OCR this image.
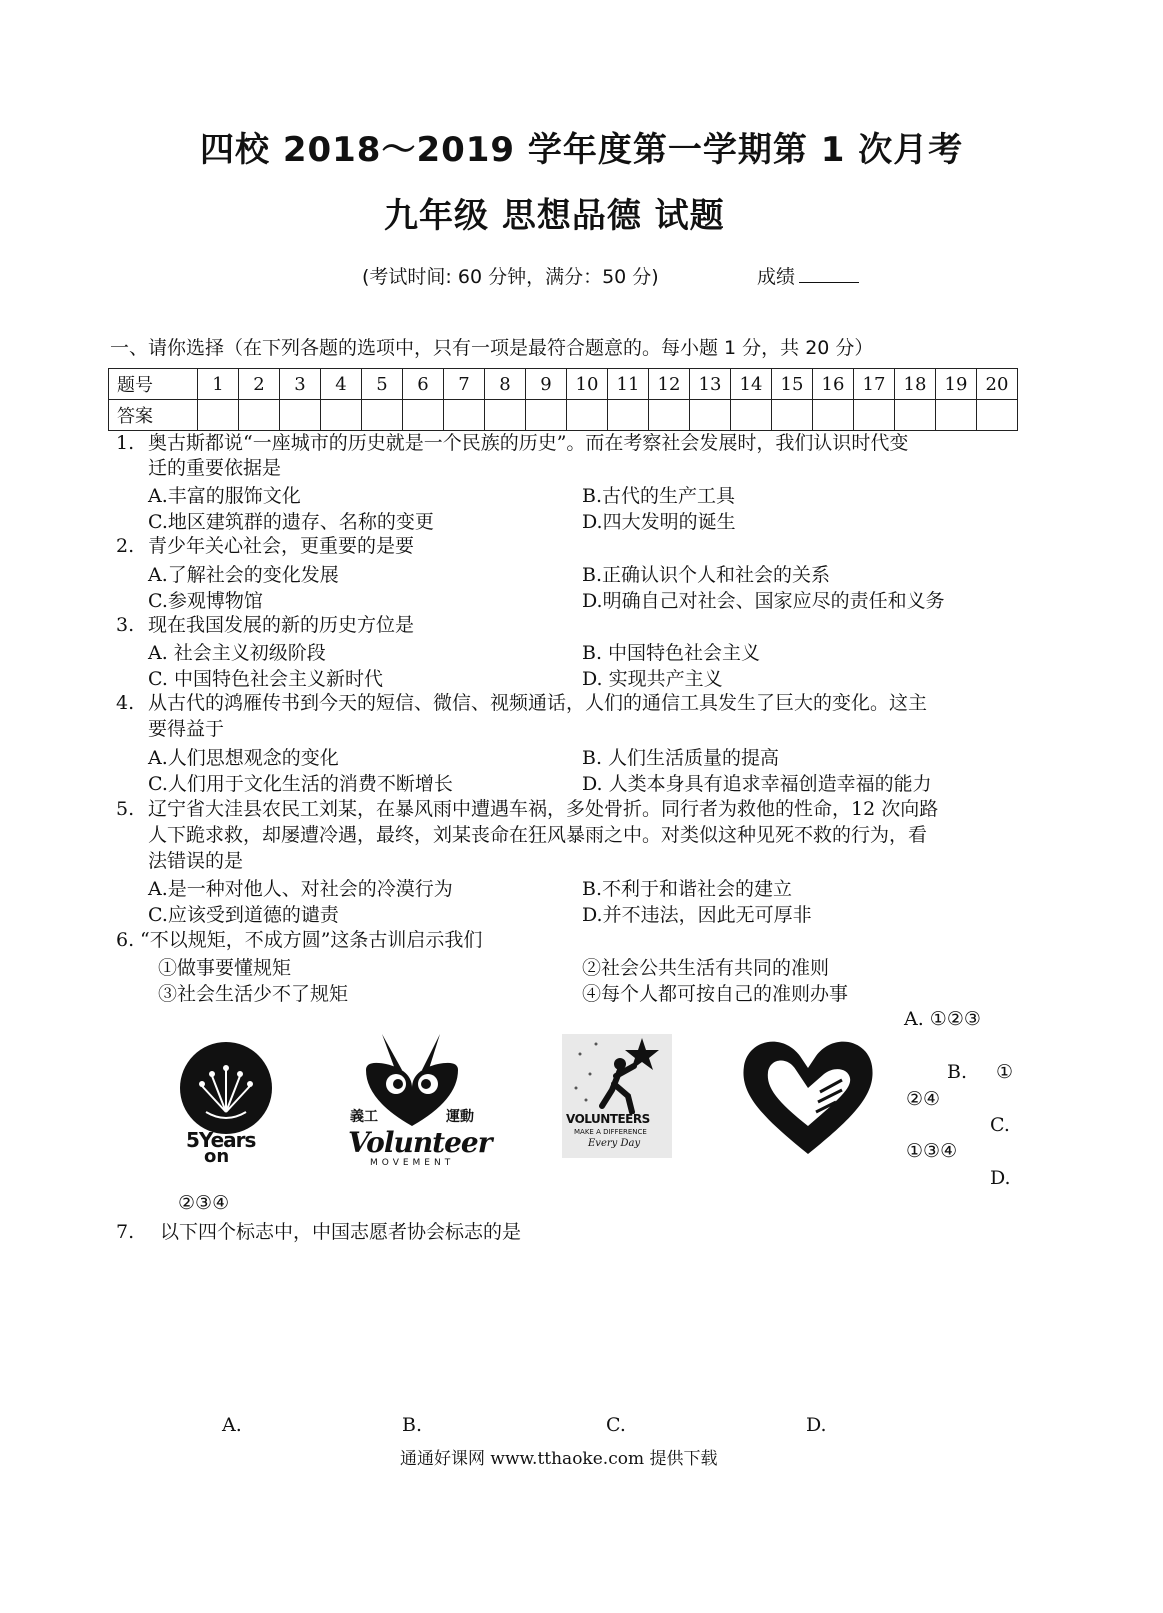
四校 2018～2019 学年度第一学期第 1 次月考
九年级 思想品德 试题
(考试时间: 60 分钟，满分：50 分)	成绩
一、请你选择（在下列各题的选项中，只有一项是最符合题意的。每小题 1 分，共 20 分）
题号	1	2	3	4	5	6	7	8	9	10	11	12	13	14	15	16	17	18	19	20
答案																				
1. 奥古斯都说“一座城市的历史就是一个民族的历史”。而在考察社会发展时，我们认识时代变
迁的重要依据是
A.丰富的服饰文化	B.古代的生产工具
C.地区建筑群的遗存、名称的变更	D.四大发明的诞生
2. 青少年关心社会，更重要的是要
A.了解社会的变化发展	B.正确认识个人和社会的关系
C.参观博物馆	D.明确自己对社会、国家应尽的责任和义务
3. 现在我国发展的新的历史方位是
A. 社会主义初级阶段	B. 中国特色社会主义
C. 中国特色社会主义新时代	D. 实现共产主义
4. 从古代的鸿雁传书到今天的短信、微信、视频通话，人们的通信工具发生了巨大的变化。这主
要得益于
A.人们思想观念的变化	B. 人们生活质量的提高
C.人们用于文化生活的消费不断增长	D. 人类本身具有追求幸福创造幸福的能力
5. 辽宁省大洼县农民工刘某，在暴风雨中遭遇车祸，多处骨折。同行者为救他的性命，12 次向路
人下跪求救，却屡遭冷遇，最终，刘某丧命在狂风暴雨之中。对类似这种见死不救的行为，看
法错误的是
A.是一种对他人、对社会的冷漠行为	B.不利于和谐社会的建立
C.应该受到道德的谴责	D.并不违法，因此无可厚非
6. “不以规矩，不成方圆”这条古训启示我们
①做事要懂规矩	②社会公共生活有共同的准则
③社会生活少不了规矩	④每个人都可按自己的准则办事
A. ①②③
B. ①
②④
C.
①③④
D.
②③④
5Years
on
義工	運動
Volunteer
MOVEMENT
VOLUNTEERS
MAKE A DIFFERENCE
Every Day
7. 以下四个标志中，中国志愿者协会标志的是
A.	B.	C.	D.
通通好课网 www.tthaoke.com 提供下载
